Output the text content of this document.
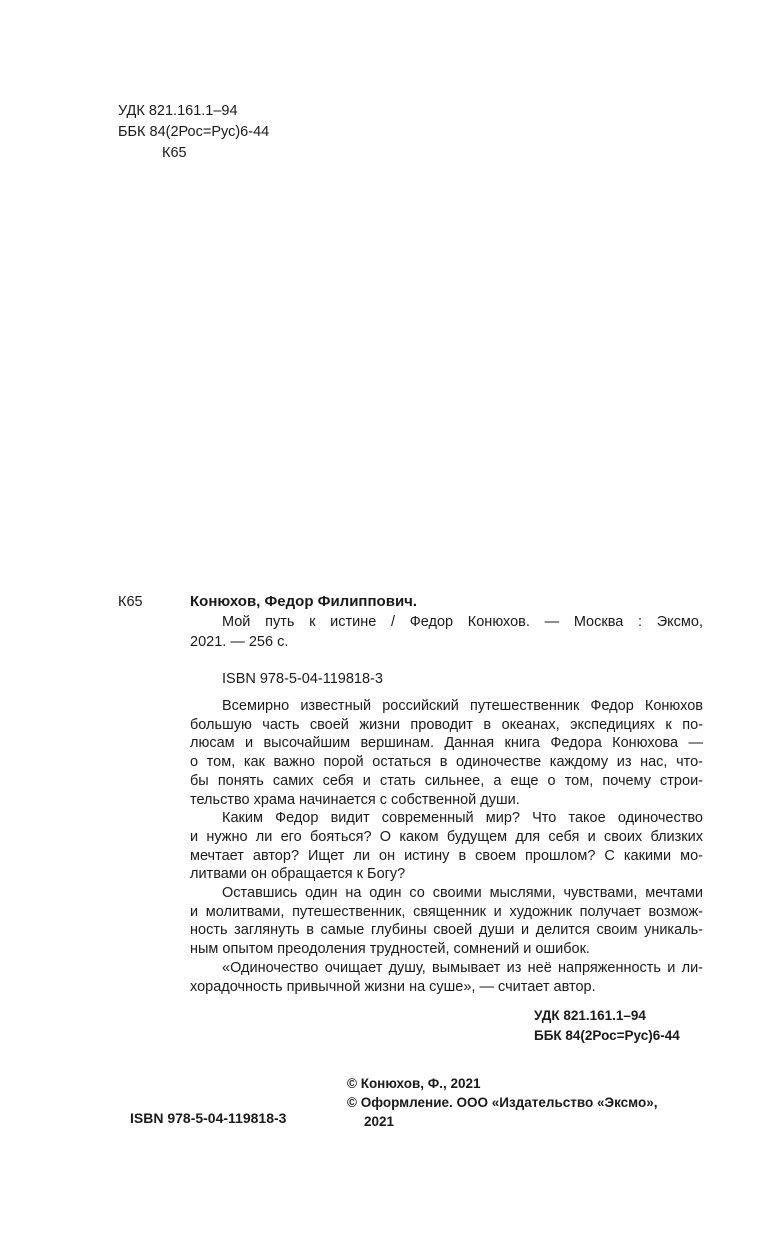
УДК 821.161.1–94
ББК 84(2Рос=Рус)6-44
К65
К65	Конюхов, Федор Филиппович.
Мой путь к истине / Федор Конюхов. — Москва : Эксмо,
2021. — 256 с.
ISBN 978-5-04-119818-3
Всемирно известный российский путешественник Федор Конюхов
большую часть своей жизни проводит в океанах, экспедициях к по-
люсам и высочайшим вершинам. Данная книга Федора Конюхова —
о том, как важно порой остаться в одиночестве каждому из нас, что-
бы понять самих себя и стать сильнее, а еще о том, почему строи-
тельство храма начинается с собственной души.
Каким Федор видит современный мир? Что такое одиночество
и нужно ли его бояться? О каком будущем для себя и своих близких
мечтает автор? Ищет ли он истину в своем прошлом? С какими мо-
литвами он обращается к Богу?
Оставшись один на один со своими мыслями, чувствами, мечтами
и молитвами, путешественник, священник и художник получает возмож-
ность заглянуть в самые глубины своей души и делится своим уникаль-
ным опытом преодоления трудностей, сомнений и ошибок.
«Одиночество очищает душу, вымывает из неё напряженность и ли-
хорадочность привычной жизни на суше», — считает автор.
УДК 821.161.1–94
ББК 84(2Рос=Рус)6-44
© Конюхов, Ф., 2021
© Оформление. ООО «Издательство «Эксмо»,
2021
ISBN 978-5-04-119818-3
